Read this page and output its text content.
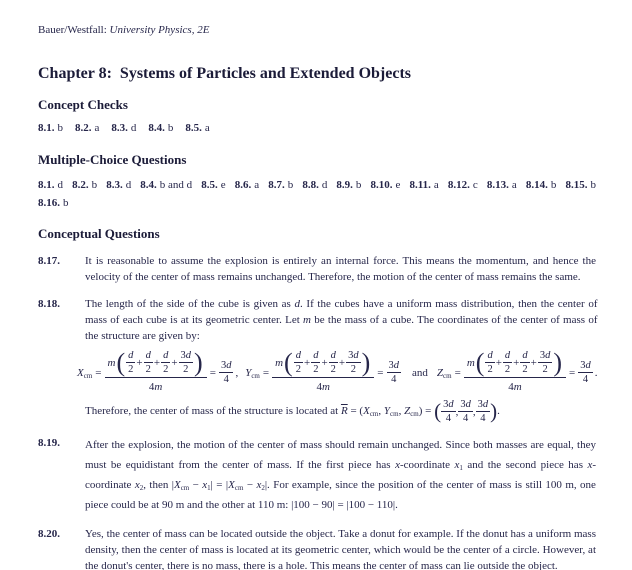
Bauer/Westfall: University Physics, 2E
Chapter 8:  Systems of Particles and Extended Objects
Concept Checks
8.1. b 8.2. a 8.3. d 8.4. b 8.5. a
Multiple-Choice Questions
8.1. d 8.2. b 8.3. d 8.4. b and d 8.5. e 8.6. a 8.7. b 8.8. d 8.9. b 8.10. e 8.11. a 8.12. c 8.13. a 8.14. b 8.15. b
8.16. b
Conceptual Questions
8.17.	It is reasonable to assume the explosion is entirely an internal force. This means the momentum, and hence the velocity of the center of mass remains unchanged. Therefore, the motion of the center of mass remains the same.
8.18.	The length of the side of the cube is given as d. If the cubes have a uniform mass distribution, then the center of mass of each cube is at its geometric center. Let m be the mass of a cube. The coordinates of the center of mass of the structure are given by:
$X_{cm} = \frac{m ( \frac{d}{2} + \frac{d}{2} + \frac{d}{2} + \frac{3d}{2} )}{4m} = \frac{3d}{4}$ , $Y_{cm} = \frac{m ( \frac{d}{2} + \frac{d}{2} + \frac{d}{2} + \frac{3d}{2} )}{4m} = \frac{3d}{4}$ and $Z_{cm} = \frac{m ( \frac{d}{2} + \frac{d}{2} + \frac{d}{2} + \frac{3d}{2} )}{4m} = \frac{3d}{4}$ .
Therefore, the center of mass of the structure is located at $\overline{R} = (X_{cm}$, $Y_{cm}$, $Z_{cm}$) = ( $\frac{3d}{4}$ , $\frac{3d}{4}$ , $\frac{3d}{4}$ ) .
8.19.	After the explosion, the motion of the center of mass should remain unchanged. Since both masses are equal, they must be equidistant from the center of mass. If the first piece has x-coordinate $x_1$ and the second piece has x-coordinate $x_2$, then $|X_{cm} - x_1| = |X_{cm} - x_2|$. For example, since the position of the center of mass is still 100 m, one piece could be at 90 m and the other at 110 m: |100 − 90| = |100 − 110|.
8.20.	Yes, the center of mass can be located outside the object. Take a donut for example. If the donut has a uniform mass density, then the center of mass is located at its geometric center, which would be the center of a circle. However, at the donut's center, there is no mass, there is a hole. This means the center of mass can lie outside the object.
